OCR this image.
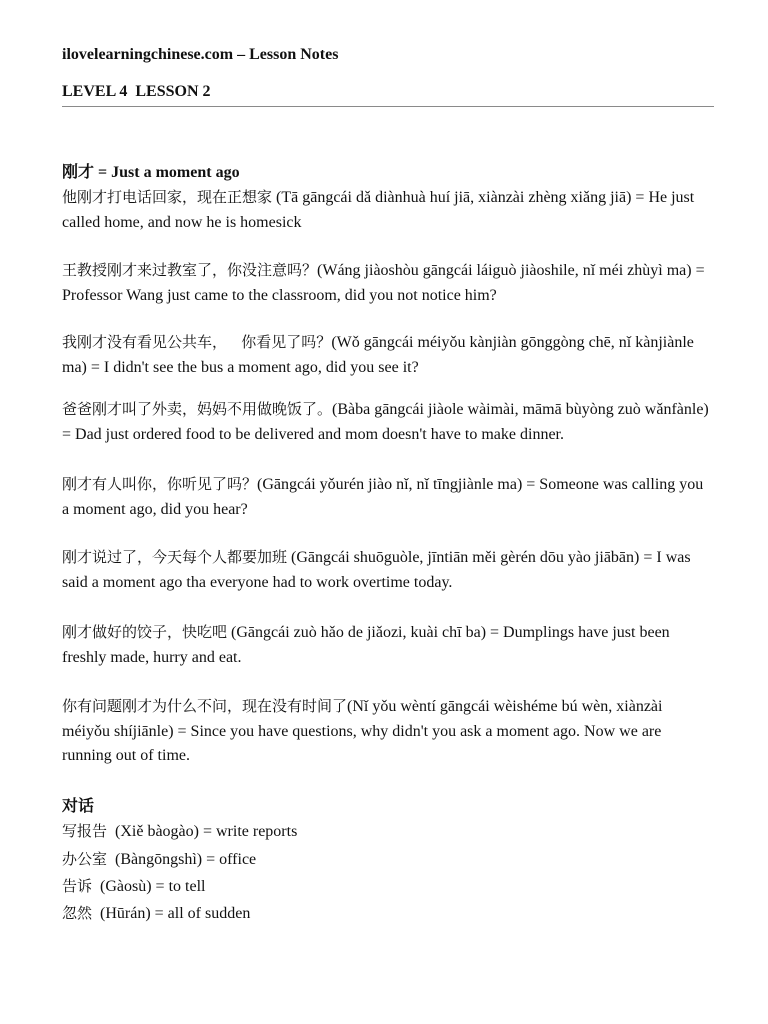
ilovelearningchinese.com – Lesson Notes
LEVEL 4  LESSON 2
刚才 = Just a moment ago
他刚才打电话回家，现在正想家 (Tā gāngcái dǎ diànhuà huí jiā, xiànzài zhèng xiǎng jiā) = He just called home, and now he is homesick
王教授刚才来过教室了，你没注意吗？(Wáng jiàoshòu gāngcái láiguò jiàoshile, nǐ méi zhùyì ma) = Professor Wang just came to the classroom, did you not notice him?
我刚才没有看见公共车，   你看见了吗？(Wǒ gāngcái méiyǒu kànjiàn gōnggòng chē, nǐ kànjiànle ma) = I didn't see the bus a moment ago, did you see it?
爸爸刚才叫了外卖，妈妈不用做晚饭了。(Bàba gāngcái jiàole wàimài, māmā bùyòng zuò wǎnfànle) = Dad just ordered food to be delivered and mom doesn't have to make dinner.
刚才有人叫你，你听见了吗？(Gāngcái yǒurén jiào nǐ, nǐ tīngjiànle ma) = Someone was calling you a moment ago, did you hear?
刚才说过了，今天每个人都要加班 (Gāngcái shuōguòle, jīntiān měi gèrén dōu yào jiābān) = I was said a moment ago tha everyone had to work overtime today.
刚才做好的饺子，快吃吧 (Gāngcái zuò hǎo de jiǎozi, kuài chī ba) = Dumplings have just been freshly made, hurry and eat.
你有问题刚才为什么不问，现在没有时间了(Nǐ yǒu wèntí gāngcái wèishéme bú wèn, xiànzài méiyǒu shíjiānle) = Since you have questions, why didn't you ask a moment ago. Now we are running out of time.
对话
写报告  (Xiě bàogào) = write reports
办公室  (Bàngōngshì) = office
告诉  (Gàosù) = to tell
忽然  (Hūrán) = all of sudden
